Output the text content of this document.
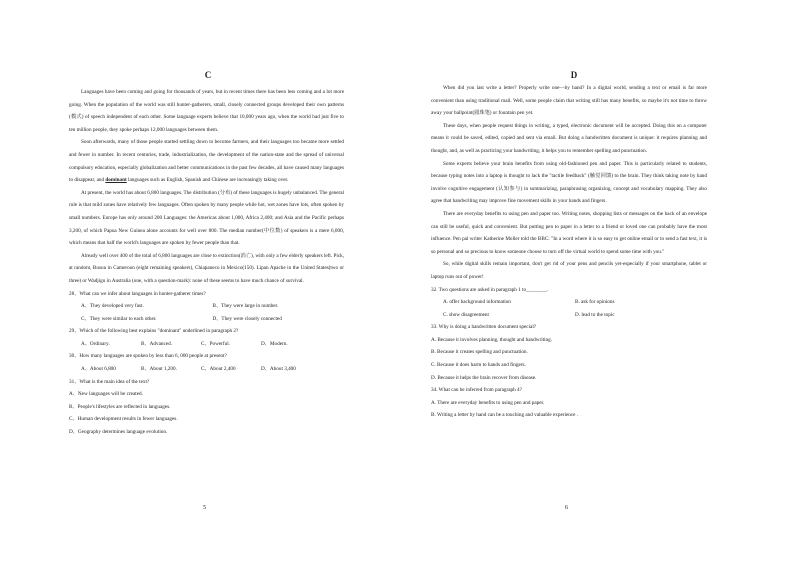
C

Languages have been coming and going for thousands of years, but in recent times there has been less coming and a lot more going. When the population of the world was still hunter-gatherers, small, closely connected groups developed their own patterns (模式) of speech independent of each other. Some language experts believe that 10,000 years ago, when the world had just five to ten million people, they spoke perhaps 12,000 languages between them.

Soon afterwards, many of those people started settling down to become farmers, and their languages too became more settled and fewer in number. In recent centuries, trade, industrialization, the development of the nation-state and the spread of universal compulsory education, especially globalization and better communications in the past few decades, all have caused many languages to disappear, and dominant languages such as English, Spanish and Chinese are increasingly taking over.

At present, the world has about 6,800 languages. The distribution (分布) of these languages is hugely unbalanced. The general rule is that mild zones have relatively few languages. Often spoken by many people while hot, wet zones have lots, often spoken by small numbers. Europe has only around 200 Languages: the Americas about 1,000, Africa 2,400; and Asia and the Pacific perhaps 3,200, of which Papua New Guinea alone accounts for well over 800. The median number(中位数) of speakers is a mere 6,000, which means that half the world's languages are spoken by fewer people than that.

Already well over 400 of the total of 6,800 languages are close to extinction(消亡), with only a few elderly speakers left. Pick, at random, Busuu in Cameroon (eight remaining speakers), Chiapaneco in Mexico(150). Lipan Apache in the United States(two or three) or Wadjigu in Australia (one, with a question-mark): none of these seems to have much chance of survival.

28、What can we infer about languages in hunter-gatherer times?

A、They developed very fast.	B、They were large in number.
C、They were similar to each other.	D、They were closely connected

29、Which of the following best explains "dominant" underlined in paragraph 2?

A、Ordinary.	B、Advanced.	C、Powerful.	D、Modern.

30、How many languages are spoken by less than 6, 000 people at present?

A、About 6,800	B、About 1,200.	C、About 2,400	D、About 3,400

31、What is the main idea of the text?

A、New languages will be created.

B、People's lifestyles are reflected in languages.

C、Human development results in fewer languages.

D、Geography determines language evolution.

5
D

When did you last write a letter? Properly write one—by hand? In a digital world, sending a text or email is far more convenient than using traditional mail. Well, some people claim that writing still has many benefits, so maybe it's not time to throw away your ballpoint(圆珠笔) or fountain pen yet.

These days, when people request things in writing, a typed, electronic document will be accepted. Doing this on a computer means it could be saved, edited, copied and sent via email. But doing a handwritten document is unique: it requires planning and thought, and, as well as practicing your handwriting, it helps you to remember spelling and punctuation.

Some experts believe your brain benefits from using old-fashioned pen and paper. This is particularly related to students, because typing notes into a laptop is thought to lack the "tactile feedback" (触觉回馈) to the brain. They think taking note by hand involve cognitive engagement (认知参与) in summarizing, paraphrasing organizing, concept and vocabulary mapping. They also agree that handwriting may improve fine movement skills in your hands and fingers.

There are everyday benefits to using pen and paper too. Writing notes, shopping lists or messages on the back of an envelope can still be useful, quick and convenient. But putting pen to paper in a letter to a friend or loved one can probably have the most influence. Pen pal writer Katherine Moller told the BBC: "In a word where it is so easy to get online email or to send a fast text, it is so personal and so precious to know someone choose to turn off the virtual world to spend some time with you."

So, while digital skills remain important, don't get rid of your pens and pencils yet-especially if your smartphone, tablet or laptop runs out of power!

32. Two questions are asked in paragraph 1 to________.

A. offer background information	B. ask for opinions
C. show disagreement	D. lead to the topic

33. Why is doing a handwritten document special?

A. Because it involves planning, thought and handwriting.

B. Because it creates spelling and punctuation.

C. Because it does harm to hands and fingers.

D. Because it helps the brain recover from disease.

34. What can be inferred from paragraph 4?

A. There are everyday benefits to using pen and paper.

B. Writing a letter by hand can be a touching and valuable experience .

6
